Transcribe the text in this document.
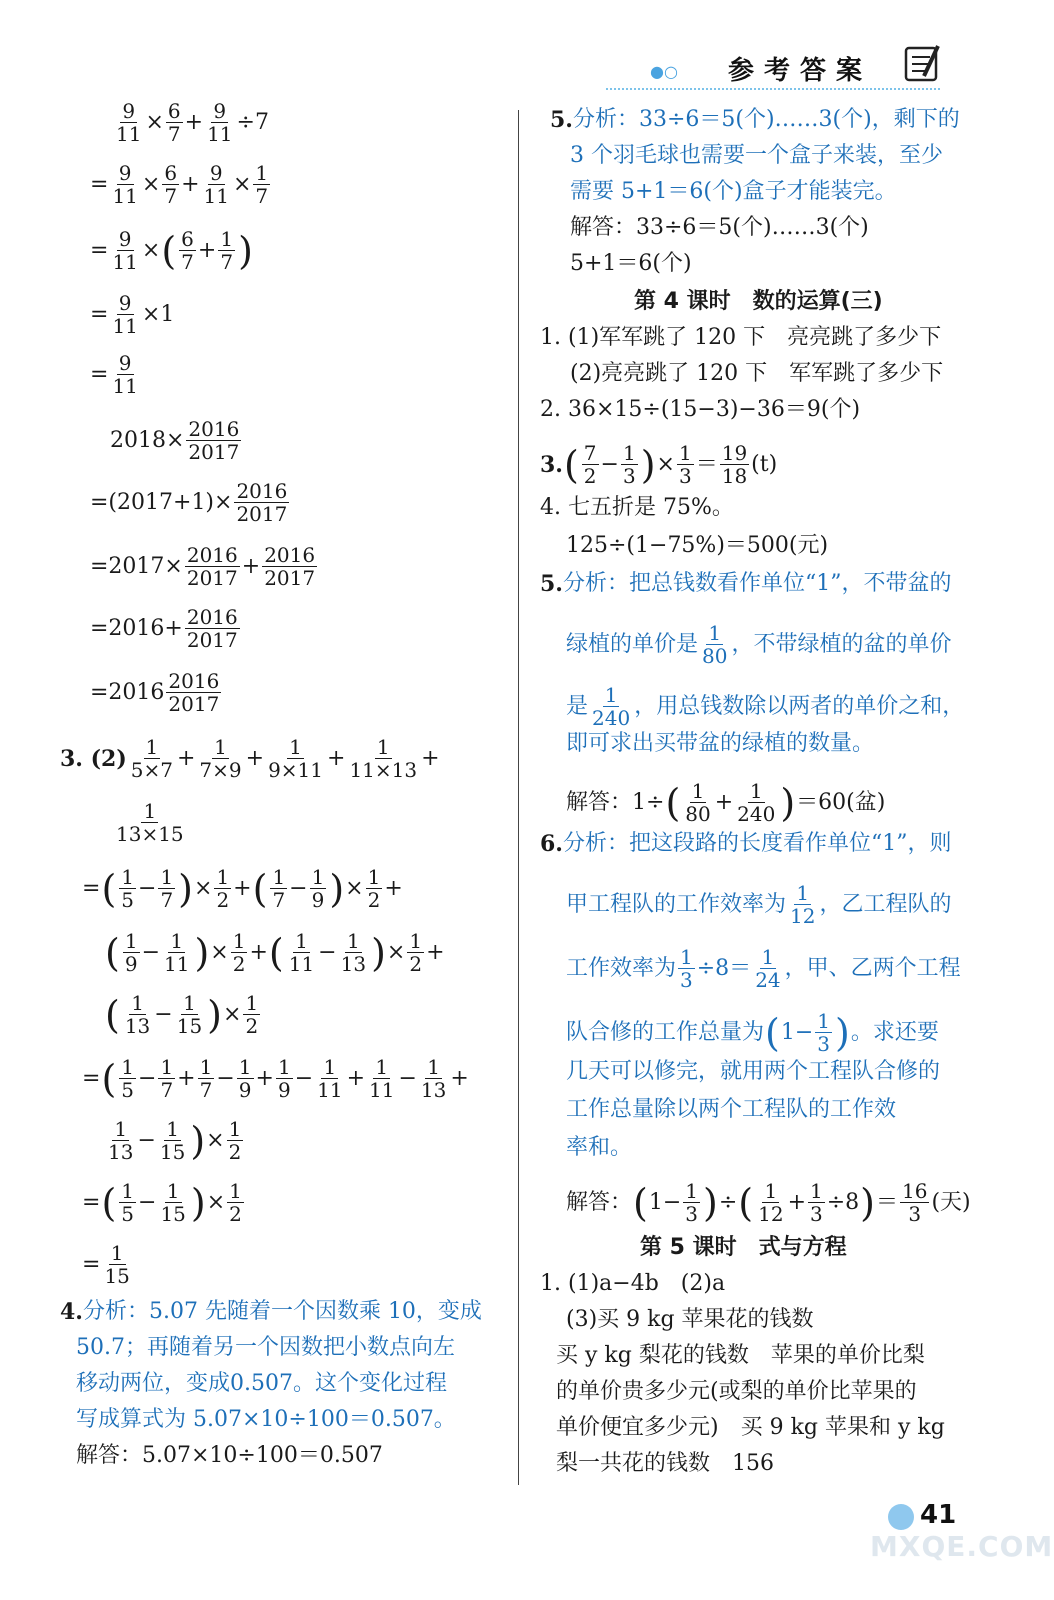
●○ 参考答案
$\frac{9}{11} \times \frac{6}{7} + \frac{9}{11} \div 7$
= $\frac{9}{11} \times \frac{6}{7} + \frac{9}{11} \times \frac{1}{7}$
= $\frac{9}{11}$ × ( $\frac{6}{7} + \frac{1}{7}$ )
= $\frac{9}{11} \times 1$
= $\frac{9}{11}$
$2018\times \frac{2016}{2017}$
$=(2017+1)\times \frac{2016}{2017}$
$=2017\times \frac{2016}{2017} + \frac{2016}{2017}$
$=2016+ \frac{2016}{2017}$
$=2016 \frac{2016}{2017}$
3. $(2) \frac{1}{5\times 7} + \frac{1}{7\times 9} + \frac{1}{9\times 11} + \frac{1}{11\times 13}$ +
$\frac{1}{13\times 15}$
= ( $\frac{1}{5} - \frac{1}{7}$ ) × $\frac{1}{2}$ + ( $\frac{1}{7} - \frac{1}{9}$ ) × $\frac{1}{2}$ +
( $\frac{1}{9} - \frac{1}{11}$ ) × $\frac{1}{2}$ + ( $\frac{1}{11} - \frac{1}{13}$ ) × $\frac{1}{2}$ +
( $\frac{1}{13} - \frac{1}{15}$ ) × $\frac{1}{2}$
= ( $\frac{1}{5} - \frac{1}{7} + \frac{1}{7} - \frac{1}{9} + \frac{1}{9} - \frac{1}{11} + \frac{1}{11} - \frac{1}{13}$ +
$\frac{1}{13} - \frac{1}{15}$ ) × $\frac{1}{2}$
= ( $\frac{1}{5} - \frac{1}{15}$ ) × $\frac{1}{2}$
= $\frac{1}{15}$
4. 分析：5.07 先随着一个因数乘 10，变成
50.7；再随着另一个因数把小数点向左
移动两位，变成0.507。这个变化过程
写成算式为 5.07×10÷100＝0.507。
解答：5.07×10÷100＝0.507
5. 分析：33÷6＝5(个)……3(个)，剩下的
3 个羽毛球也需要一个盒子来装，至少
需要 5+1＝6(个)盒子才能装完。
解答：33÷6＝5(个)……3(个)
5+1＝6(个)
第 4 课时　数的运算(三)
1. (1)军军跳了 120 下　亮亮跳了多少下
(2)亮亮跳了 120 下　军军跳了多少下
2. 36×15÷(15−3)−36＝9(个)
3. ( $\frac{7}{2} - \frac{1}{3}$ ) × $\frac{1}{3} = \frac{19}{18} (t)$
4. 七五折是 75%。
125÷(1−75%)＝500(元)
5. 分析：把总钱数看作单位“1”，不带盆的
绿植的单价是 $\frac{1}{80}$ ，不带绿植的盆的单价
是 $\frac{1}{240}$ ，用总钱数除以两者的单价之和，
即可求出买带盆的绿植的数量。
解答：1÷ ( $\frac{1}{80} + \frac{1}{240}$ ) ＝60(盆)
6. 分析：把这段路的长度看作单位“1”，则
甲工程队的工作效率为 $\frac{1}{12}$ ，乙工程队的
工作效率为 $\frac{1}{3} \div 8= \frac{1}{24}$ ，甲、乙两个工程
队合修的工作总量为 ( $1- \frac{1}{3}$ ) 。求还要
几天可以修完，就用两个工程队合修的
工作总量除以两个工程队的工作效
率和。
解答： ( $1- \frac{1}{3}$ ) ÷ ( $\frac{1}{12} + \frac{1}{3} \div 8$ ) ＝ $\frac{16}{3}$ (天)
第 5 课时　式与方程
1. (1)a−4b　(2)a
(3)买 9 kg 苹果花的钱数
买 y kg 梨花的钱数　苹果的单价比梨
的单价贵多少元(或梨的单价比苹果的
单价便宜多少元)　买 9 kg 苹果和 y kg
梨一共花的钱数　156
41
MXQE.COM
